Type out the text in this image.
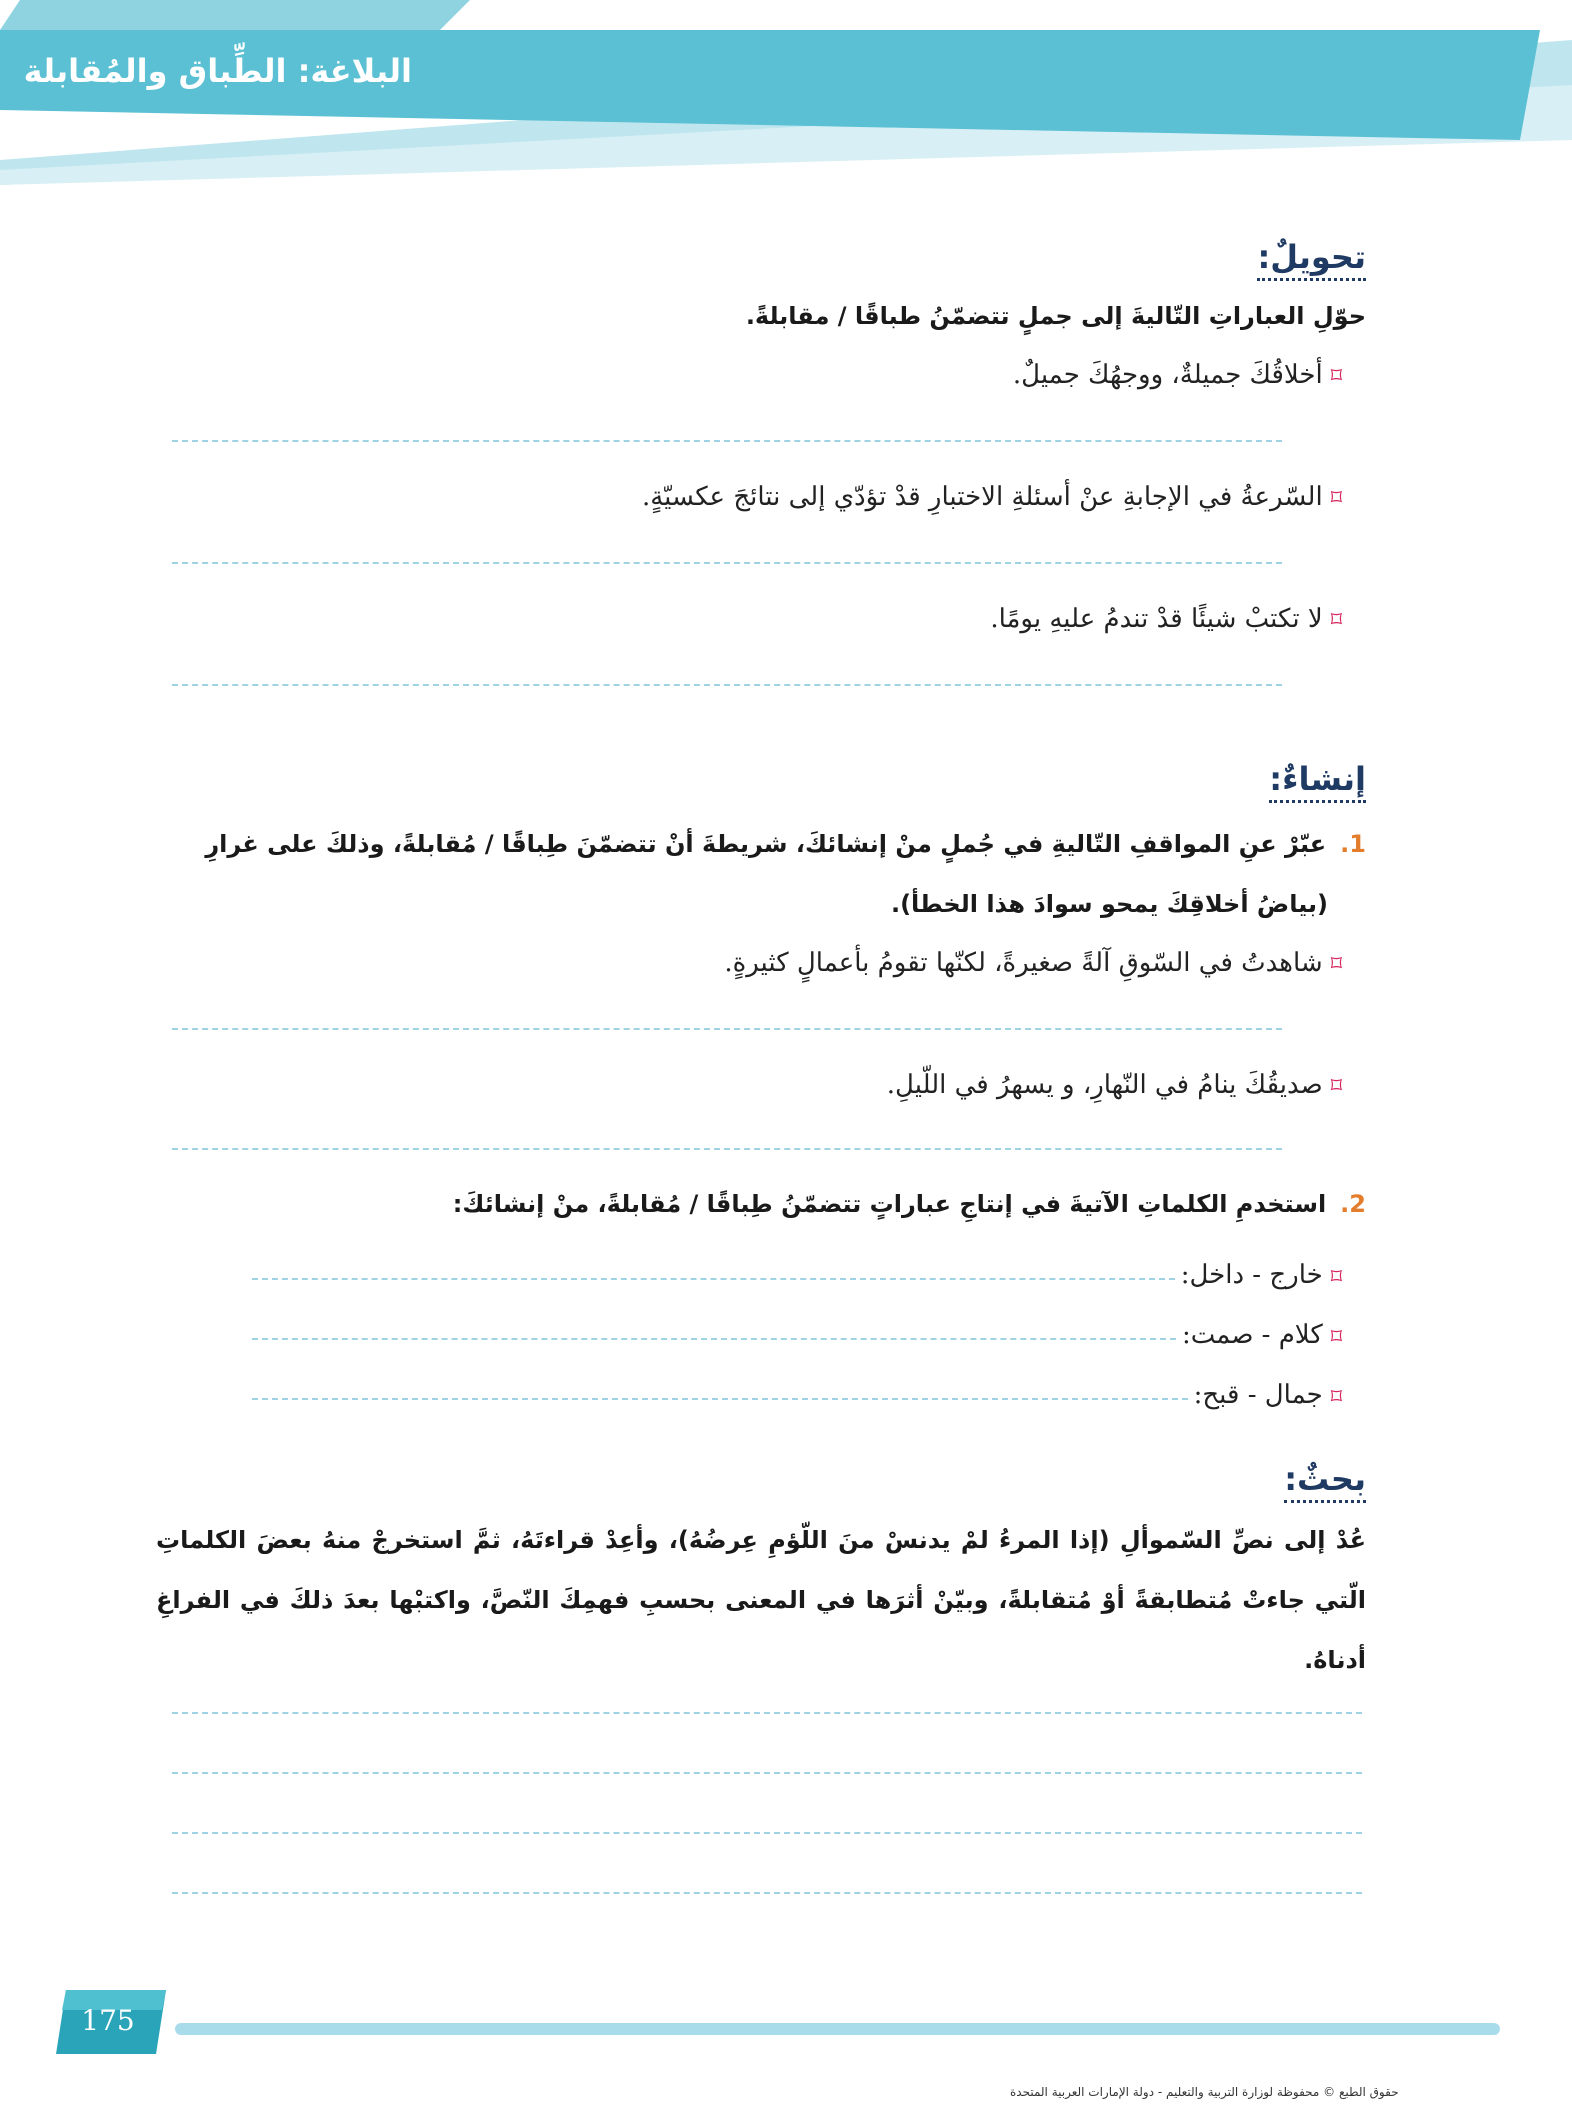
البلاغة: الطِّباق والمُقابلة
تحويلٌ:
حوّلِ العباراتِ التّاليةَ إلى جملٍ تتضمّنُ طباقًا / مقابلةً.
⌑أخلاقُكَ جميلةٌ، ووجهُكَ جميلٌ.
⌑السّرعةُ في الإجابةِ عنْ أسئلةِ الاختبارِ قدْ تؤدّي إلى نتائجَ عكسيّةٍ.
⌑لا تكتبْ شيئًا قدْ تندمُ عليهِ يومًا.
إنشاءٌ:
1.عبّرْ عنِ المواقفِ التّاليةِ في جُملٍ منْ إنشائكَ، شريطةَ أنْ تتضمّنَ طِباقًا / مُقابلةً، وذلكَ على غرارِ
(بياضُ أخلاقِكَ يمحو سوادَ هذا الخطأ).
⌑شاهدتُ في السّوقِ آلةً صغيرةً، لكنّها تقومُ بأعمالٍ كثيرةٍ.
⌑صديقُكَ ينامُ في النّهارِ، و يسهرُ في اللّيلِ.
2.استخدمِ الكلماتِ الآتيةَ في إنتاجِ عباراتٍ تتضمّنُ طِباقًا / مُقابلةً، منْ إنشائكَ:
⌑
خارج - داخل:
⌑
كلام - صمت:
⌑
جمال - قبح:
بحثٌ:
عُدْ إلى نصِّ السّموألِ (إذا المرءُ لمْ يدنسْ منَ اللّؤمِ عِرضُهُ)، وأعِدْ قراءتَهُ، ثمَّ استخرجْ منهُ بعضَ الكلماتِ الّتي جاءتْ مُتطابقةً أوْ مُتقابلةً، وبيّنْ أثرَها في المعنى بحسبِ فهمِكَ النّصَّ، واكتبْها بعدَ ذلكَ في الفراغِ أدناهُ.
175
حقوق الطبع © محفوظة لوزارة التربية والتعليم - دولة الإمارات العربية المتحدة
